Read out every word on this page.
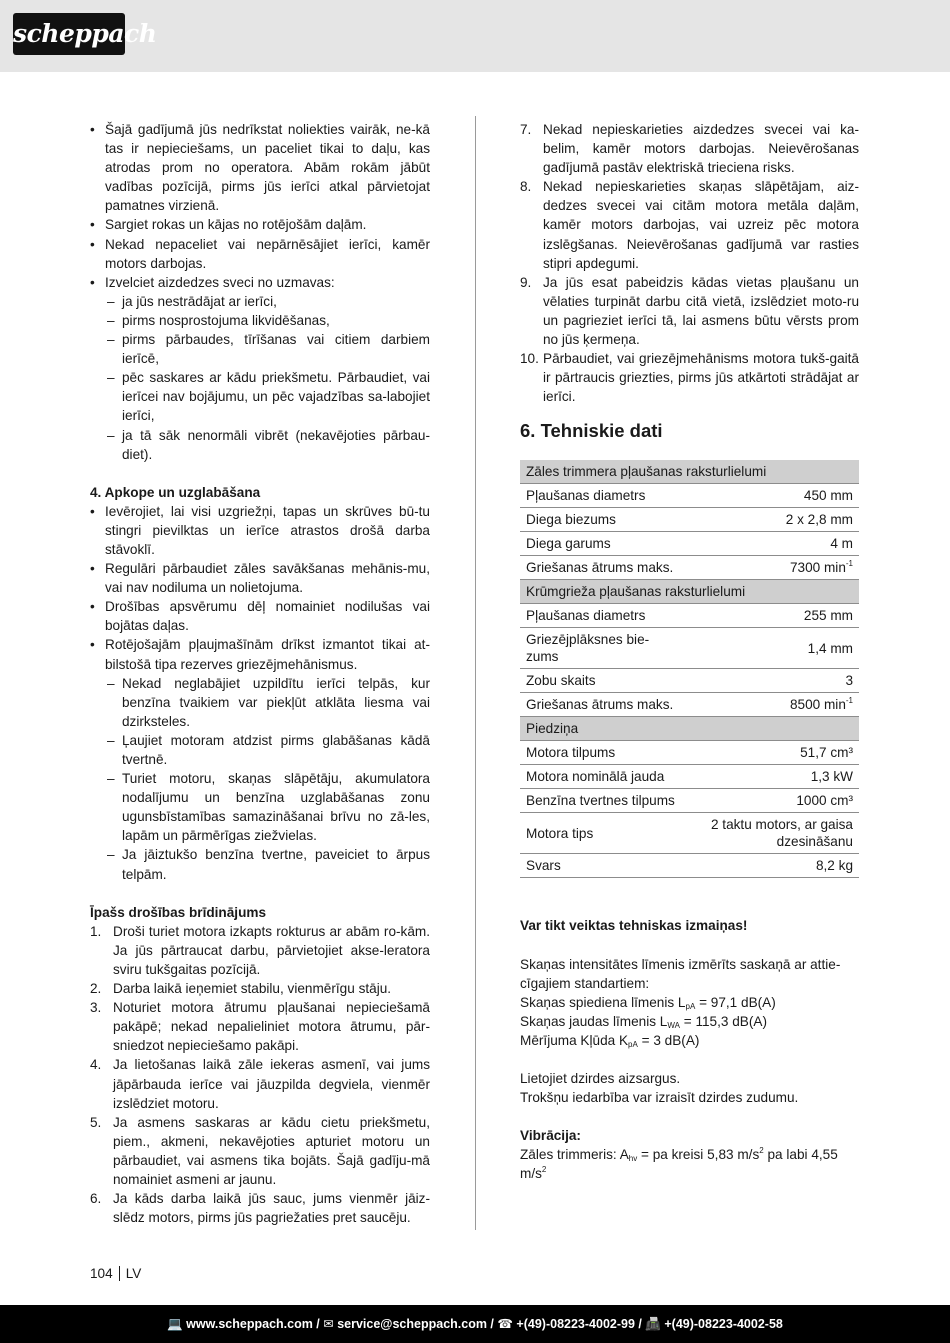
scheppach
• Šajā gadījumā jūs nedrīkstat noliekties vairāk, ne-kā tas ir nepieciešams, un paceliet tikai to daļu, kas atrodas prom no operatora. Abām rokām jābūt vadības pozīcijā, pirms jūs ierīci atkal pārvietojat pamatnes virzienā.
• Sargiet rokas un kājas no rotējošām daļām.
• Nekad nepaceliet vai nepārnēsājiet ierīci, kamēr motors darbojas.
• Izvelciet aizdedzes sveci no uzmavas:
– ja jūs nestrādājat ar ierīci,
– pirms nosprostojuma likvidēšanas,
– pirms pārbaudes, tīrīšanas vai citiem darbiem ierīcē,
– pēc saskares ar kādu priekšmetu. Pārbaudiet, vai ierīcei nav bojājumu, un pēc vajadzības sa-labojiet ierīci,
– ja tā sāk nenormāli vibrēt (nekavējoties pārbau-diet).
4. Apkope un uzglabāšana
• Ievērojiet, lai visi uzgriežņi, tapas un skrūves bū-tu stingri pievilktas un ierīce atrastos drošā darba stāvoklī.
• Regulāri pārbaudiet zāles savākšanas mehānis-mu, vai nav nodiluma un nolietojuma.
• Drošības apsvērumu dēļ nomainiet nodilušas vai bojātas daļas.
• Rotējošajām pļaujmašīnām drīkst izmantot tikai at-bilstošā tipa rezerves griezējmehānismus.
– Nekad neglabājiet uzpildītu ierīci telpās, kur benzīna tvaikiem var piekļūt atklāta liesma vai dzirksteles.
– Ļaujiet motoram atdzist pirms glabāšanas kādā tvertnē.
– Turiet motoru, skaņas slāpētāju, akumulatora nodalījumu un benzīna uzglabāšanas zonu ugunsbīstamības samazināšanai brīvu no zā-les, lapām un pārmērīgas ziežvielas.
– Ja jāiztukšo benzīna tvertne, paveiciet to ārpus telpām.
Īpašs drošības brīdinājums
1. Droši turiet motora izkapts rokturus ar abām ro-kām. Ja jūs pārtraucat darbu, pārvietojiet akse-leratora sviru tukšgaitas pozīcijā.
2. Darba laikā ieņemiet stabilu, vienmērīgu stāju.
3. Noturiet motora ātrumu pļaušanai nepieciešamā pakāpē; nekad nepalieliniet motora ātrumu, pār-sniedzot nepieciešamo pakāpi.
4. Ja lietošanas laikā zāle iekeras asmenī, vai jums jāpārbauda ierīce vai jāuzpilda degviela, vienmēr izslēdziet motoru.
5. Ja asmens saskaras ar kādu cietu priekšmetu, piem., akmeni, nekavējoties apturiet motoru un pārbaudiet, vai asmens tika bojāts. Šajā gadīju-mā nomainiet asmeni ar jaunu.
6. Ja kāds darba laikā jūs sauc, jums vienmēr jāiz-slēdz motors, pirms jūs pagriežaties pret saucēju.
7. Nekad nepieskarieties aizdedzes svecei vai ka-belim, kamēr motors darbojas. Neievērošanas gadījumā pastāv elektriskā trieciena risks.
8. Nekad nepieskarieties skaņas slāpētājam, aiz-dedzes svecei vai citām motora metāla daļām, kamēr motors darbojas, vai uzreiz pēc motora izslēgšanas. Neievērošanas gadījumā var rasties stipri apdegumi.
9. Ja jūs esat pabeidzis kādas vietas pļaušanu un vēlaties turpināt darbu citā vietā, izslēdziet moto-ru un pagrieziet ierīci tā, lai asmens būtu vērsts prom no jūs ķermeņa.
10. Pārbaudiet, vai griezējmehānisms motora tukš-gaitā ir pārtraucis griezties, pirms jūs atkārtoti strādājat ar ierīci.
6. Tehniskie dati
Zāles trimmera pļaušanas raksturlielumi	
Pļaušanas diametrs	450 mm
Diega biezums	2 x 2,8 mm
Diega garums	4 m
Griešanas ātrums maks.	7300 $\min^{-1}$
Krūmgrieža pļaušanas raksturlielumi	
Pļaušanas diametrs	255 mm
Griezējplāksnes bie-zums	1,4 mm
Zobu skaits	3
Griešanas ātrums maks.	8500 $\min^{-1}$
Piedziņa	
Motora tilpums	51,7 cm³
Motora nominālā jauda	1,3 kW
Benzīna tvertnes tilpums	1000 cm³
Motora tips	2 taktu motors, ar gaisa dzesināšanu
Svars	8,2 kg
Var tikt veiktas tehniskas izmaiņas!
Skaņas intensitātes līmenis izmērīts saskaņā ar attie-cīgajiem standartiem:
Skaņas spiediena līmenis $L_{pA} = 97,1$ dB(A)
Skaņas jaudas līmenis $L_{WA} = 115,3$ dB(A)
Mērījuma Kļūda $K_{pA} = 3$ dB(A)
Lietojiet dzirdes aizsargus.
Trokšņu iedarbība var izraisīt dzirdes zudumu.
Vibrācija:
Zāles trimmeris: $A_{hv}$ = pa kreisi 5,83 $m/s^2$ pa labi 4,55 $m/s^2$
104 LV
💻 www.scheppach.com / ✉ service@scheppach.com / ☎ +(49)-08223-4002-99 / 📠 +(49)-08223-4002-58
